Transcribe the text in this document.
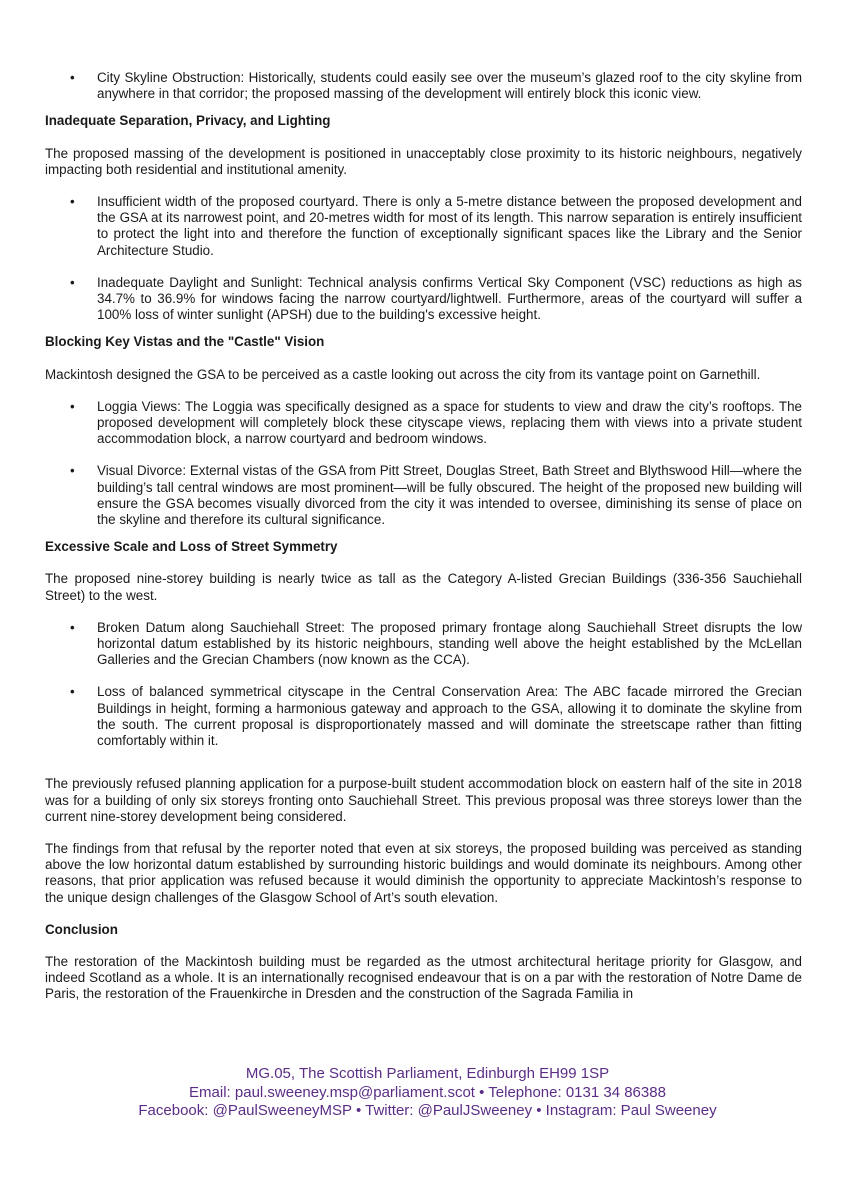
• City Skyline Obstruction: Historically, students could easily see over the museum’s glazed roof to the city skyline from anywhere in that corridor; the proposed massing of the development will entirely block this iconic view.
Inadequate Separation, Privacy, and Lighting

The proposed massing of the development is positioned in unacceptably close proximity to its historic neighbours, negatively impacting both residential and institutional amenity.

• Insufficient width of the proposed courtyard. There is only a 5-metre distance between the proposed development and the GSA at its narrowest point, and 20-metres width for most of its length. This narrow separation is entirely insufficient to protect the light into and therefore the function of exceptionally significant spaces like the Library and the Senior Architecture Studio.
• Inadequate Daylight and Sunlight: Technical analysis confirms Vertical Sky Component (VSC) reductions as high as 34.7% to 36.9% for windows facing the narrow courtyard/lightwell. Furthermore, areas of the courtyard will suffer a 100% loss of winter sunlight (APSH) due to the building's excessive height.
Blocking Key Vistas and the "Castle" Vision

Mackintosh designed the GSA to be perceived as a castle looking out across the city from its vantage point on Garnethill.

• Loggia Views: The Loggia was specifically designed as a space for students to view and draw the city’s rooftops. The proposed development will completely block these cityscape views, replacing them with views into a private student accommodation block, a narrow courtyard and bedroom windows.
• Visual Divorce: External vistas of the GSA from Pitt Street, Douglas Street, Bath Street and Blythswood Hill—where the building’s tall central windows are most prominent—will be fully obscured. The height of the proposed new building will ensure the GSA becomes visually divorced from the city it was intended to oversee, diminishing its sense of place on the skyline and therefore its cultural significance.
Excessive Scale and Loss of Street Symmetry

The proposed nine-storey building is nearly twice as tall as the Category A-listed Grecian Buildings (336-356 Sauchiehall Street) to the west.

• Broken Datum along Sauchiehall Street: The proposed primary frontage along Sauchiehall Street disrupts the low horizontal datum established by its historic neighbours, standing well above the height established by the McLellan Galleries and the Grecian Chambers (now known as the CCA).
• Loss of balanced symmetrical cityscape in the Central Conservation Area: The ABC facade mirrored the Grecian Buildings in height, forming a harmonious gateway and approach to the GSA, allowing it to dominate the skyline from the south. The current proposal is disproportionately massed and will dominate the streetscape rather than fitting comfortably within it.

The previously refused planning application for a purpose-built student accommodation block on eastern half of the site in 2018 was for a building of only six storeys fronting onto Sauchiehall Street. This previous proposal was three storeys lower than the current nine-storey development being considered.

The findings from that refusal by the reporter noted that even at six storeys, the proposed building was perceived as standing above the low horizontal datum established by surrounding historic buildings and would dominate its neighbours. Among other reasons, that prior application was refused because it would diminish the opportunity to appreciate Mackintosh’s response to the unique design challenges of the Glasgow School of Art’s south elevation.

Conclusion

The restoration of the Mackintosh building must be regarded as the utmost architectural heritage priority for Glasgow, and indeed Scotland as a whole. It is an internationally recognised endeavour that is on a par with the restoration of Notre Dame de Paris, the restoration of the Frauenkirche in Dresden and the construction of the Sagrada Familia in

MG.05, The Scottish Parliament, Edinburgh EH99 1SP
Email: paul.sweeney.msp@parliament.scot • Telephone: 0131 34 86388
Facebook: @PaulSweeneyMSP • Twitter: @PaulJSweeney • Instagram: Paul Sweeney
